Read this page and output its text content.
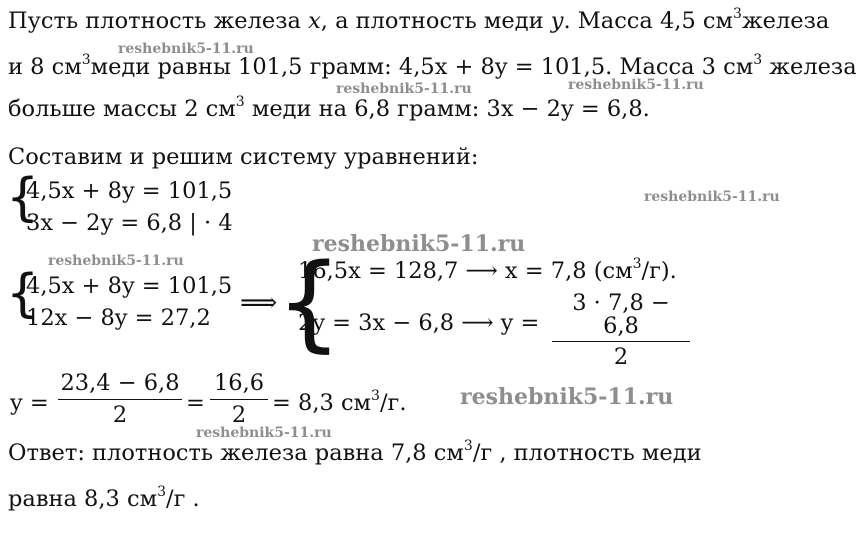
Пусть плотность железа x, а плотность меди y. Масса 4,5 $см^3железа$
reshebnik5-11.ru
и 8 $см^3меди$ равны 101,5 грамм: 4,5x + 8y = 101,5. Масса 3 $см^3$ железа
reshebnik5-11.ru	reshebnik5-11.ru
больше массы 2 $см^3$ меди на 6,8 грамм: 3x − 2y = 6,8.
Составим и решим систему уравнений:
{
4,5x + 8y = 101,5
3x − 2y = 6,8 | · 4
reshebnik5-11.ru
reshebnik5-11.ru
reshebnik5-11.ru
{
4,5x + 8y = 101,5
12x − 8y = 27,2 ⟹
{
16,5x = 128,7 ⟶ x = 7,8 $(см^3/г)$.
2y = 3x − 6,8 ⟶ y =
3 · 7,8 − 6,8
2
y =
23,4 − 6,8
2	=
16,6
2	= 8,3 $см^3/г$. reshebnik5-11.ru
reshebnik5-11.ru
Ответ: плотность железа равна 7,8 $см^3/г$ , плотность меди
равна 8,3 $см^3/г$ .
